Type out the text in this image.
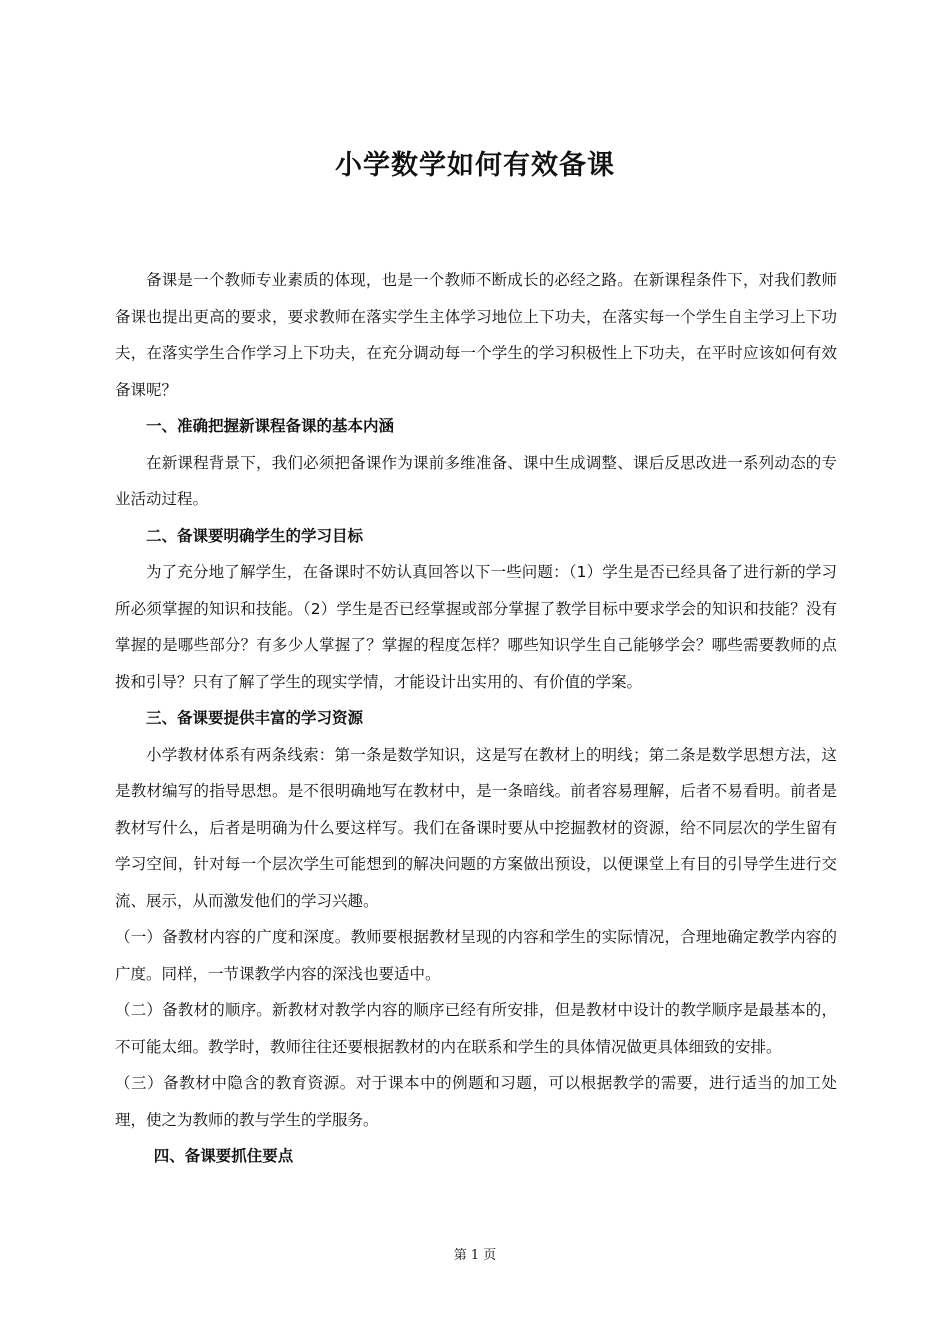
小学数学如何有效备课

备课是一个教师专业素质的体现，也是一个教师不断成长的必经之路。在新课程条件下，对我们教师备课也提出更高的要求，要求教师在落实学生主体学习地位上下功夫，在落实每一个学生自主学习上下功夫，在落实学生合作学习上下功夫，在充分调动每一个学生的学习积极性上下功夫，在平时应该如何有效备课呢？

一、准确把握新课程备课的基本内涵

在新课程背景下，我们必须把备课作为课前多维准备、课中生成调整、课后反思改进一系列动态的专业活动过程。

二、备课要明确学生的学习目标

为了充分地了解学生，在备课时不妨认真回答以下一些问题：（1）学生是否已经具备了进行新的学习所必须掌握的知识和技能。（2）学生是否已经掌握或部分掌握了教学目标中要求学会的知识和技能？没有掌握的是哪些部分？有多少人掌握了？掌握的程度怎样？哪些知识学生自己能够学会？哪些需要教师的点拨和引导？只有了解了学生的现实学情，才能设计出实用的、有价值的学案。

三、备课要提供丰富的学习资源

小学教材体系有两条线索：第一条是数学知识，这是写在教材上的明线；第二条是数学思想方法，这是教材编写的指导思想。是不很明确地写在教材中，是一条暗线。前者容易理解，后者不易看明。前者是教材写什么，后者是明确为什么要这样写。我们在备课时要从中挖掘教材的资源，给不同层次的学生留有学习空间，针对每一个层次学生可能想到的解决问题的方案做出预设，以便课堂上有目的引导学生进行交流、展示，从而激发他们的学习兴趣。

（一）备教材内容的广度和深度。教师要根据教材呈现的内容和学生的实际情况，合理地确定教学内容的广度。同样，一节课教学内容的深浅也要适中。

（二）备教材的顺序。新教材对教学内容的顺序已经有所安排，但是教材中设计的教学顺序是最基本的，不可能太细。教学时，教师往往还要根据教材的内在联系和学生的具体情况做更具体细致的安排。

（三）备教材中隐含的教育资源。对于课本中的例题和习题，可以根据教学的需要，进行适当的加工处理，使之为教师的教与学生的学服务。

四、备课要抓住要点
第 1 页
